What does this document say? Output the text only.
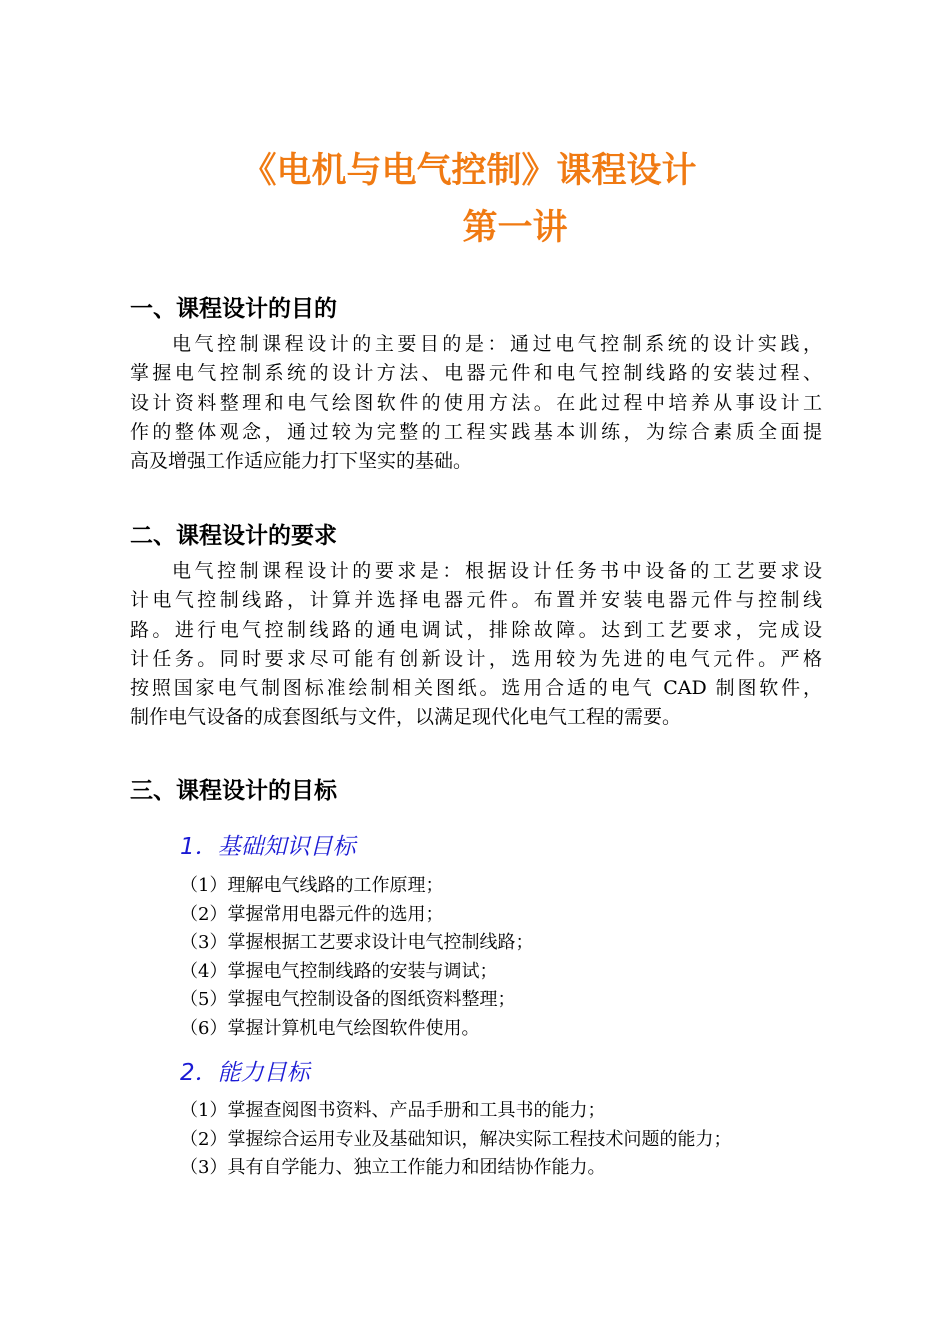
《电机与电气控制》课程设计
第一讲
一、课程设计的目的
电气控制课程设计的主要目的是：通过电气控制系统的设计实践，
掌握电气控制系统的设计方法、电器元件和电气控制线路的安装过程、
设计资料整理和电气绘图软件的使用方法。在此过程中培养从事设计工
作的整体观念，通过较为完整的工程实践基本训练，为综合素质全面提
高及增强工作适应能力打下坚实的基础。
二、课程设计的要求
电气控制课程设计的要求是：根据设计任务书中设备的工艺要求设
计电气控制线路，计算并选择电器元件。布置并安装电器元件与控制线
路。进行电气控制线路的通电调试，排除故障。达到工艺要求，完成设
计任务。同时要求尽可能有创新设计，选用较为先进的电气元件。严格
按照国家电气制图标准绘制相关图纸。选用合适的电气 CAD 制图软件，
制作电气设备的成套图纸与文件，以满足现代化电气工程的需要。
三、课程设计的目标
1．基础知识目标
（1）理解电气线路的工作原理；
（2）掌握常用电器元件的选用；
（3）掌握根据工艺要求设计电气控制线路；
（4）掌握电气控制线路的安装与调试；
（5）掌握电气控制设备的图纸资料整理；
（6）掌握计算机电气绘图软件使用。
2．能力目标
（1）掌握查阅图书资料、产品手册和工具书的能力；
（2）掌握综合运用专业及基础知识，解决实际工程技术问题的能力；
（3）具有自学能力、独立工作能力和团结协作能力。
